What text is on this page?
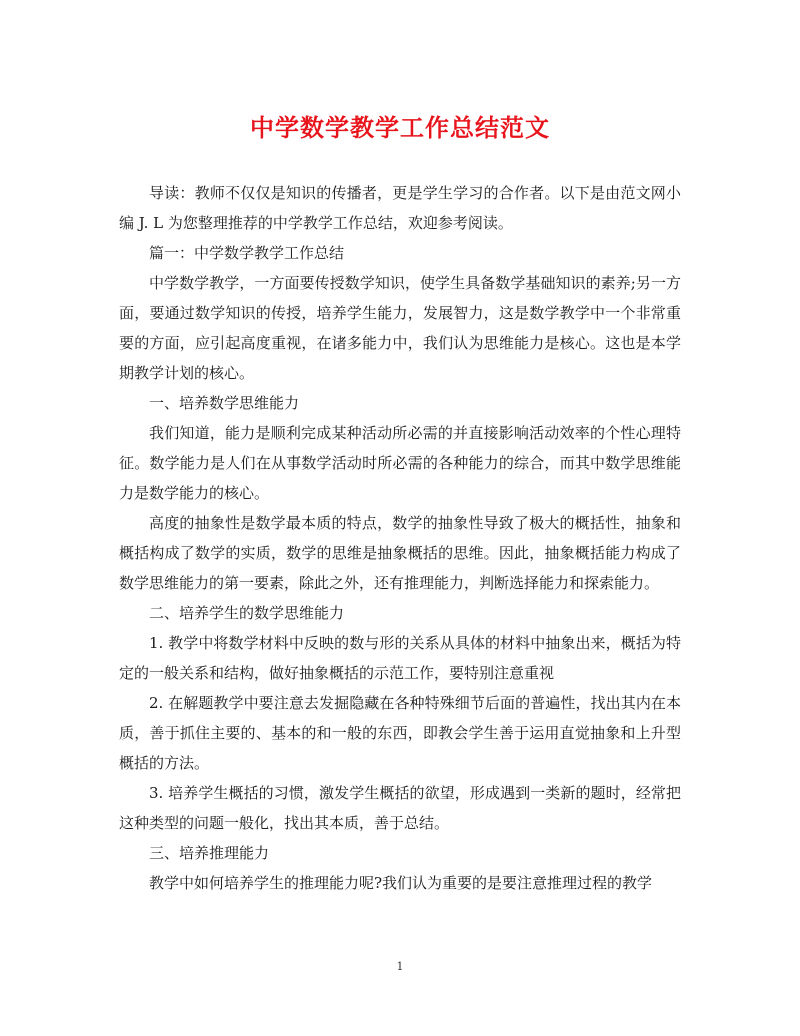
中学数学教学工作总结范文

导读：教师不仅仅是知识的传播者，更是学生学习的合作者。以下是由范文网小编 J. L 为您整理推荐的中学教学工作总结，欢迎参考阅读。

篇一：中学数学教学工作总结

中学数学教学，一方面要传授数学知识，使学生具备数学基础知识的素养;另一方面，要通过数学知识的传授，培养学生能力，发展智力，这是数学教学中一个非常重要的方面，应引起高度重视，在诸多能力中，我们认为思维能力是核心。这也是本学期教学计划的核心。

一、培养数学思维能力

我们知道，能力是顺利完成某种活动所必需的并直接影响活动效率的个性心理特征。数学能力是人们在从事数学活动时所必需的各种能力的综合，而其中数学思维能力是数学能力的核心。

高度的抽象性是数学最本质的特点，数学的抽象性导致了极大的概括性，抽象和概括构成了数学的实质，数学的思维是抽象概括的思维。因此，抽象概括能力构成了数学思维能力的第一要素，除此之外，还有推理能力，判断选择能力和探索能力。

二、培养学生的数学思维能力

1. 教学中将数学材料中反映的数与形的关系从具体的材料中抽象出来，概括为特定的一般关系和结构，做好抽象概括的示范工作，要特别注意重视

2. 在解题教学中要注意去发掘隐藏在各种特殊细节后面的普遍性，找出其内在本质，善于抓住主要的、基本的和一般的东西，即教会学生善于运用直觉抽象和上升型概括的方法。

3. 培养学生概括的习惯，激发学生概括的欲望，形成遇到一类新的题时，经常把这种类型的问题一般化，找出其本质，善于总结。

三、培养推理能力

教学中如何培养学生的推理能力呢?我们认为重要的是要注意推理过程的教学

1
